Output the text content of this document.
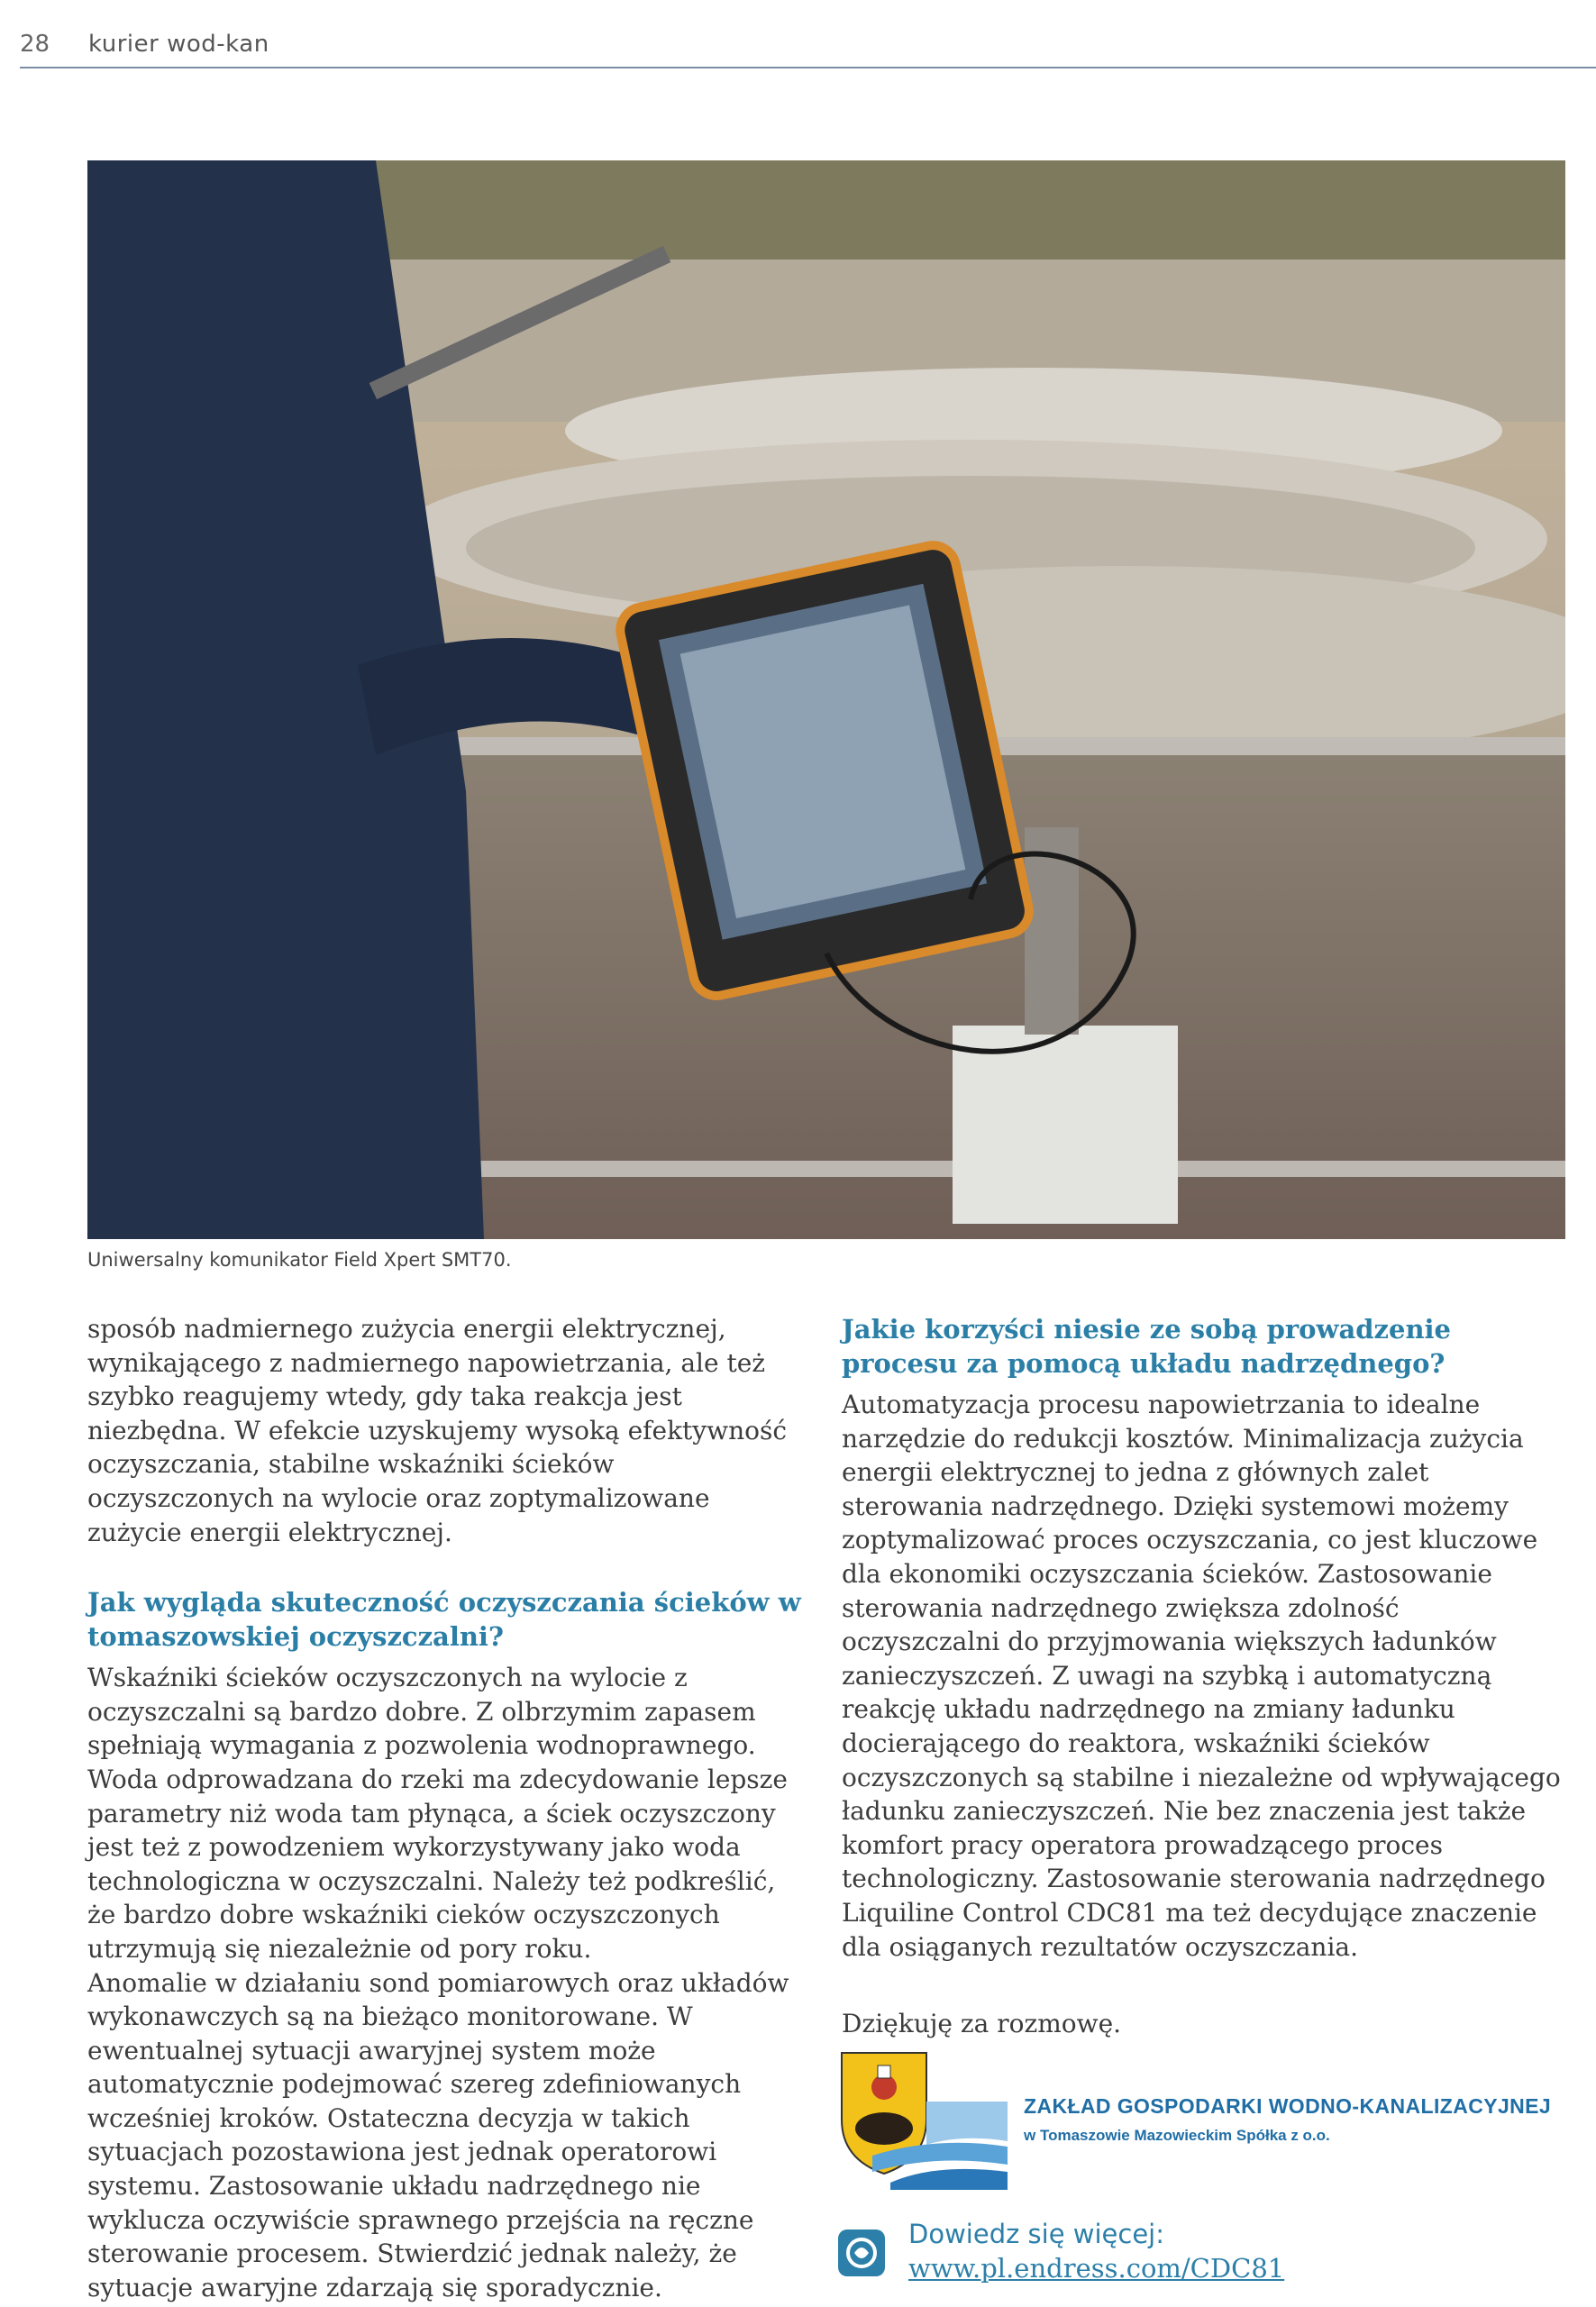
28 kurier wod-kan
Uniwersalny komunikator Field Xpert SMT70.

sposób nadmiernego zużycia energii elektrycznej, wynikającego z nadmiernego napowietrzania, ale też szybko reagujemy wtedy, gdy taka reakcja jest niezbędna. W efekcie uzyskujemy wysoką efektywność oczyszczania, stabilne wskaźniki ścieków oczyszczonych na wylocie oraz zoptymalizowane zużycie energii elektrycznej.

Jak wygląda skuteczność oczyszczania ścieków w tomaszowskiej oczyszczalni?

Wskaźniki ścieków oczyszczonych na wylocie z oczyszczalni są bardzo dobre. Z olbrzymim zapasem spełniają wymagania z pozwolenia wodnoprawnego. Woda odprowadzana do rzeki ma zdecydowanie lepsze parametry niż woda tam płynąca, a ściek oczyszczony jest też z powodzeniem wykorzystywany jako woda technologiczna w oczyszczalni. Należy też podkreślić, że bardzo dobre wskaźniki cieków oczyszczonych utrzymują się niezależnie od pory roku.

Anomalie w działaniu sond pomiarowych oraz układów wykonawczych są na bieżąco monitorowane. W ewentualnej sytuacji awaryjnej system może automatycznie podejmować szereg zdefiniowanych wcześniej kroków. Ostateczna decyzja w takich sytuacjach pozostawiona jest jednak operatorowi systemu. Zastosowanie układu nadrzędnego nie wyklucza oczywiście sprawnego przejścia na ręczne sterowanie procesem. Stwierdzić jednak należy, że sytuacje awaryjne zdarzają się sporadycznie.

Jakie korzyści niesie ze sobą prowadzenie procesu za pomocą układu nadrzędnego?

Automatyzacja procesu napowietrzania to idealne narzędzie do redukcji kosztów. Minimalizacja zużycia energii elektrycznej to jedna z głównych zalet sterowania nadrzędnego. Dzięki systemowi możemy zoptymalizować proces oczyszczania, co jest kluczowe dla ekonomiki oczyszczania ścieków. Zastosowanie sterowania nadrzędnego zwiększa zdolność oczyszczalni do przyjmowania większych ładunków zanieczyszczeń. Z uwagi na szybką i automatyczną reakcję układu nadrzędnego na zmiany ładunku docierającego do reaktora, wskaźniki ścieków oczyszczonych są stabilne i niezależne od wpływającego ładunku zanieczyszczeń. Nie bez znaczenia jest także komfort pracy operatora prowadzącego proces technologiczny. Zastosowanie sterowania nadrzędnego Liquiline Control CDC81 ma też decydujące znaczenie dla osiąganych rezultatów oczyszczania.

Dziękuję za rozmowę.

ZAKŁAD GOSPODARKI WODNO-KANALIZACYJNEJ
w Tomaszowie Mazowieckim Spółka z o.o.
Dowiedz się więcej:
www.pl.endress.com/CDC81
